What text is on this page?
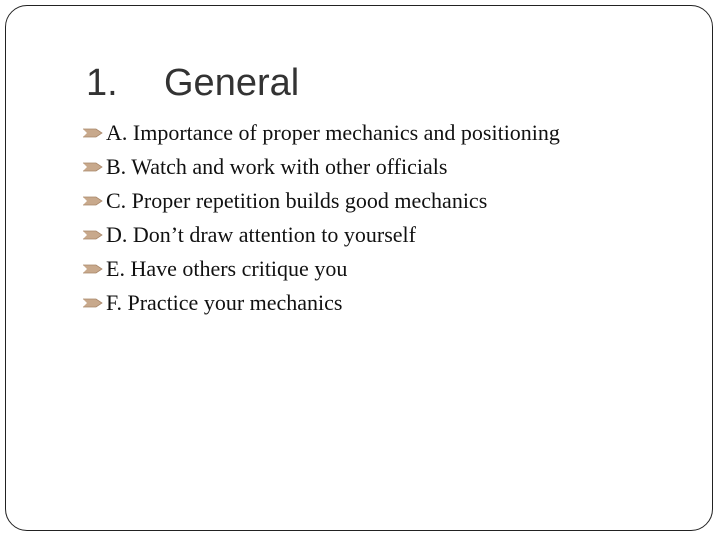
1. General
A. Importance of proper mechanics and positioning
B. Watch and work with other officials
C. Proper repetition builds good mechanics
D. Don’t draw attention to yourself
E. Have others critique you
F. Practice your mechanics
